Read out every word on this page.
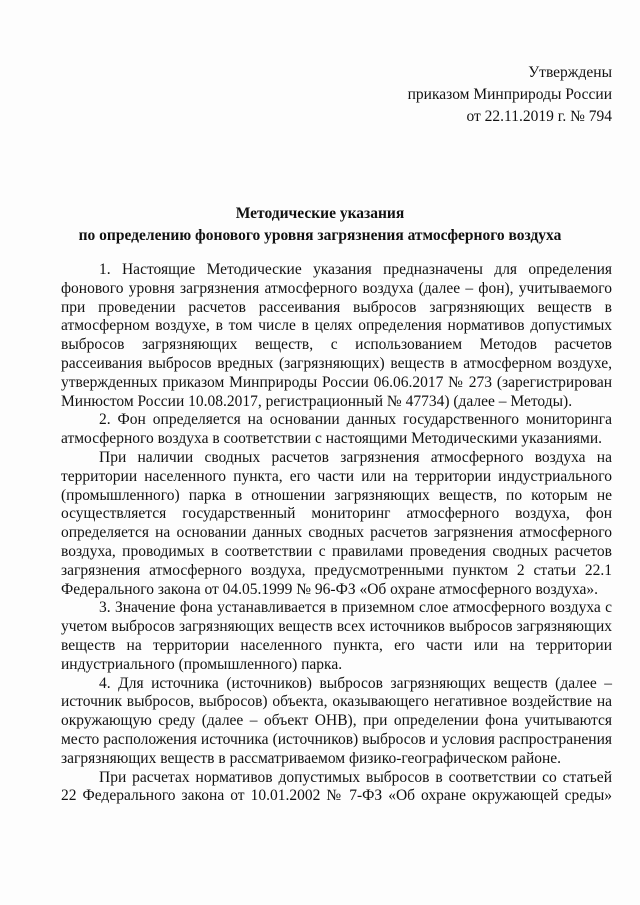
Утверждены
приказом Минприроды России
от 22.11.2019 г. № 794
Методические указания
по определению фонового уровня загрязнения атмосферного воздуха

1. Настоящие Методические указания предназначены для определения фонового уровня загрязнения атмосферного воздуха (далее – фон), учитываемого при проведении расчетов рассеивания выбросов загрязняющих веществ в атмосферном воздухе, в том числе в целях определения нормативов допустимых выбросов загрязняющих веществ, с использованием Методов расчетов рассеивания выбросов вредных (загрязняющих) веществ в атмосферном воздухе, утвержденных приказом Минприроды России 06.06.2017 № 273 (зарегистрирован Минюстом России 10.08.2017, регистрационный № 47734) (далее – Методы).

2. Фон определяется на основании данных государственного мониторинга атмосферного воздуха в соответствии с настоящими Методическими указаниями.

При наличии сводных расчетов загрязнения атмосферного воздуха на территории населенного пункта, его части или на территории индустриального (промышленного) парка в отношении загрязняющих веществ, по которым не осуществляется государственный мониторинг атмосферного воздуха, фон определяется на основании данных сводных расчетов загрязнения атмосферного воздуха, проводимых в соответствии с правилами проведения сводных расчетов загрязнения атмосферного воздуха, предусмотренными пунктом 2 статьи 22.1 Федерального закона от 04.05.1999 № 96-ФЗ «Об охране атмосферного воздуха».

3. Значение фона устанавливается в приземном слое атмосферного воздуха с учетом выбросов загрязняющих веществ всех источников выбросов загрязняющих веществ на территории населенного пункта, его части или на территории индустриального (промышленного) парка.

4. Для источника (источников) выбросов загрязняющих веществ (далее – источник выбросов, выбросов) объекта, оказывающего негативное воздействие на окружающую среду (далее – объект ОНВ), при определении фона учитываются место расположения источника (источников) выбросов и условия распространения загрязняющих веществ в рассматриваемом физико-географическом районе.

При расчетах нормативов допустимых выбросов в соответствии со статьей 22 Федерального закона от 10.01.2002 № 7-ФЗ «Об охране окружающей среды»
